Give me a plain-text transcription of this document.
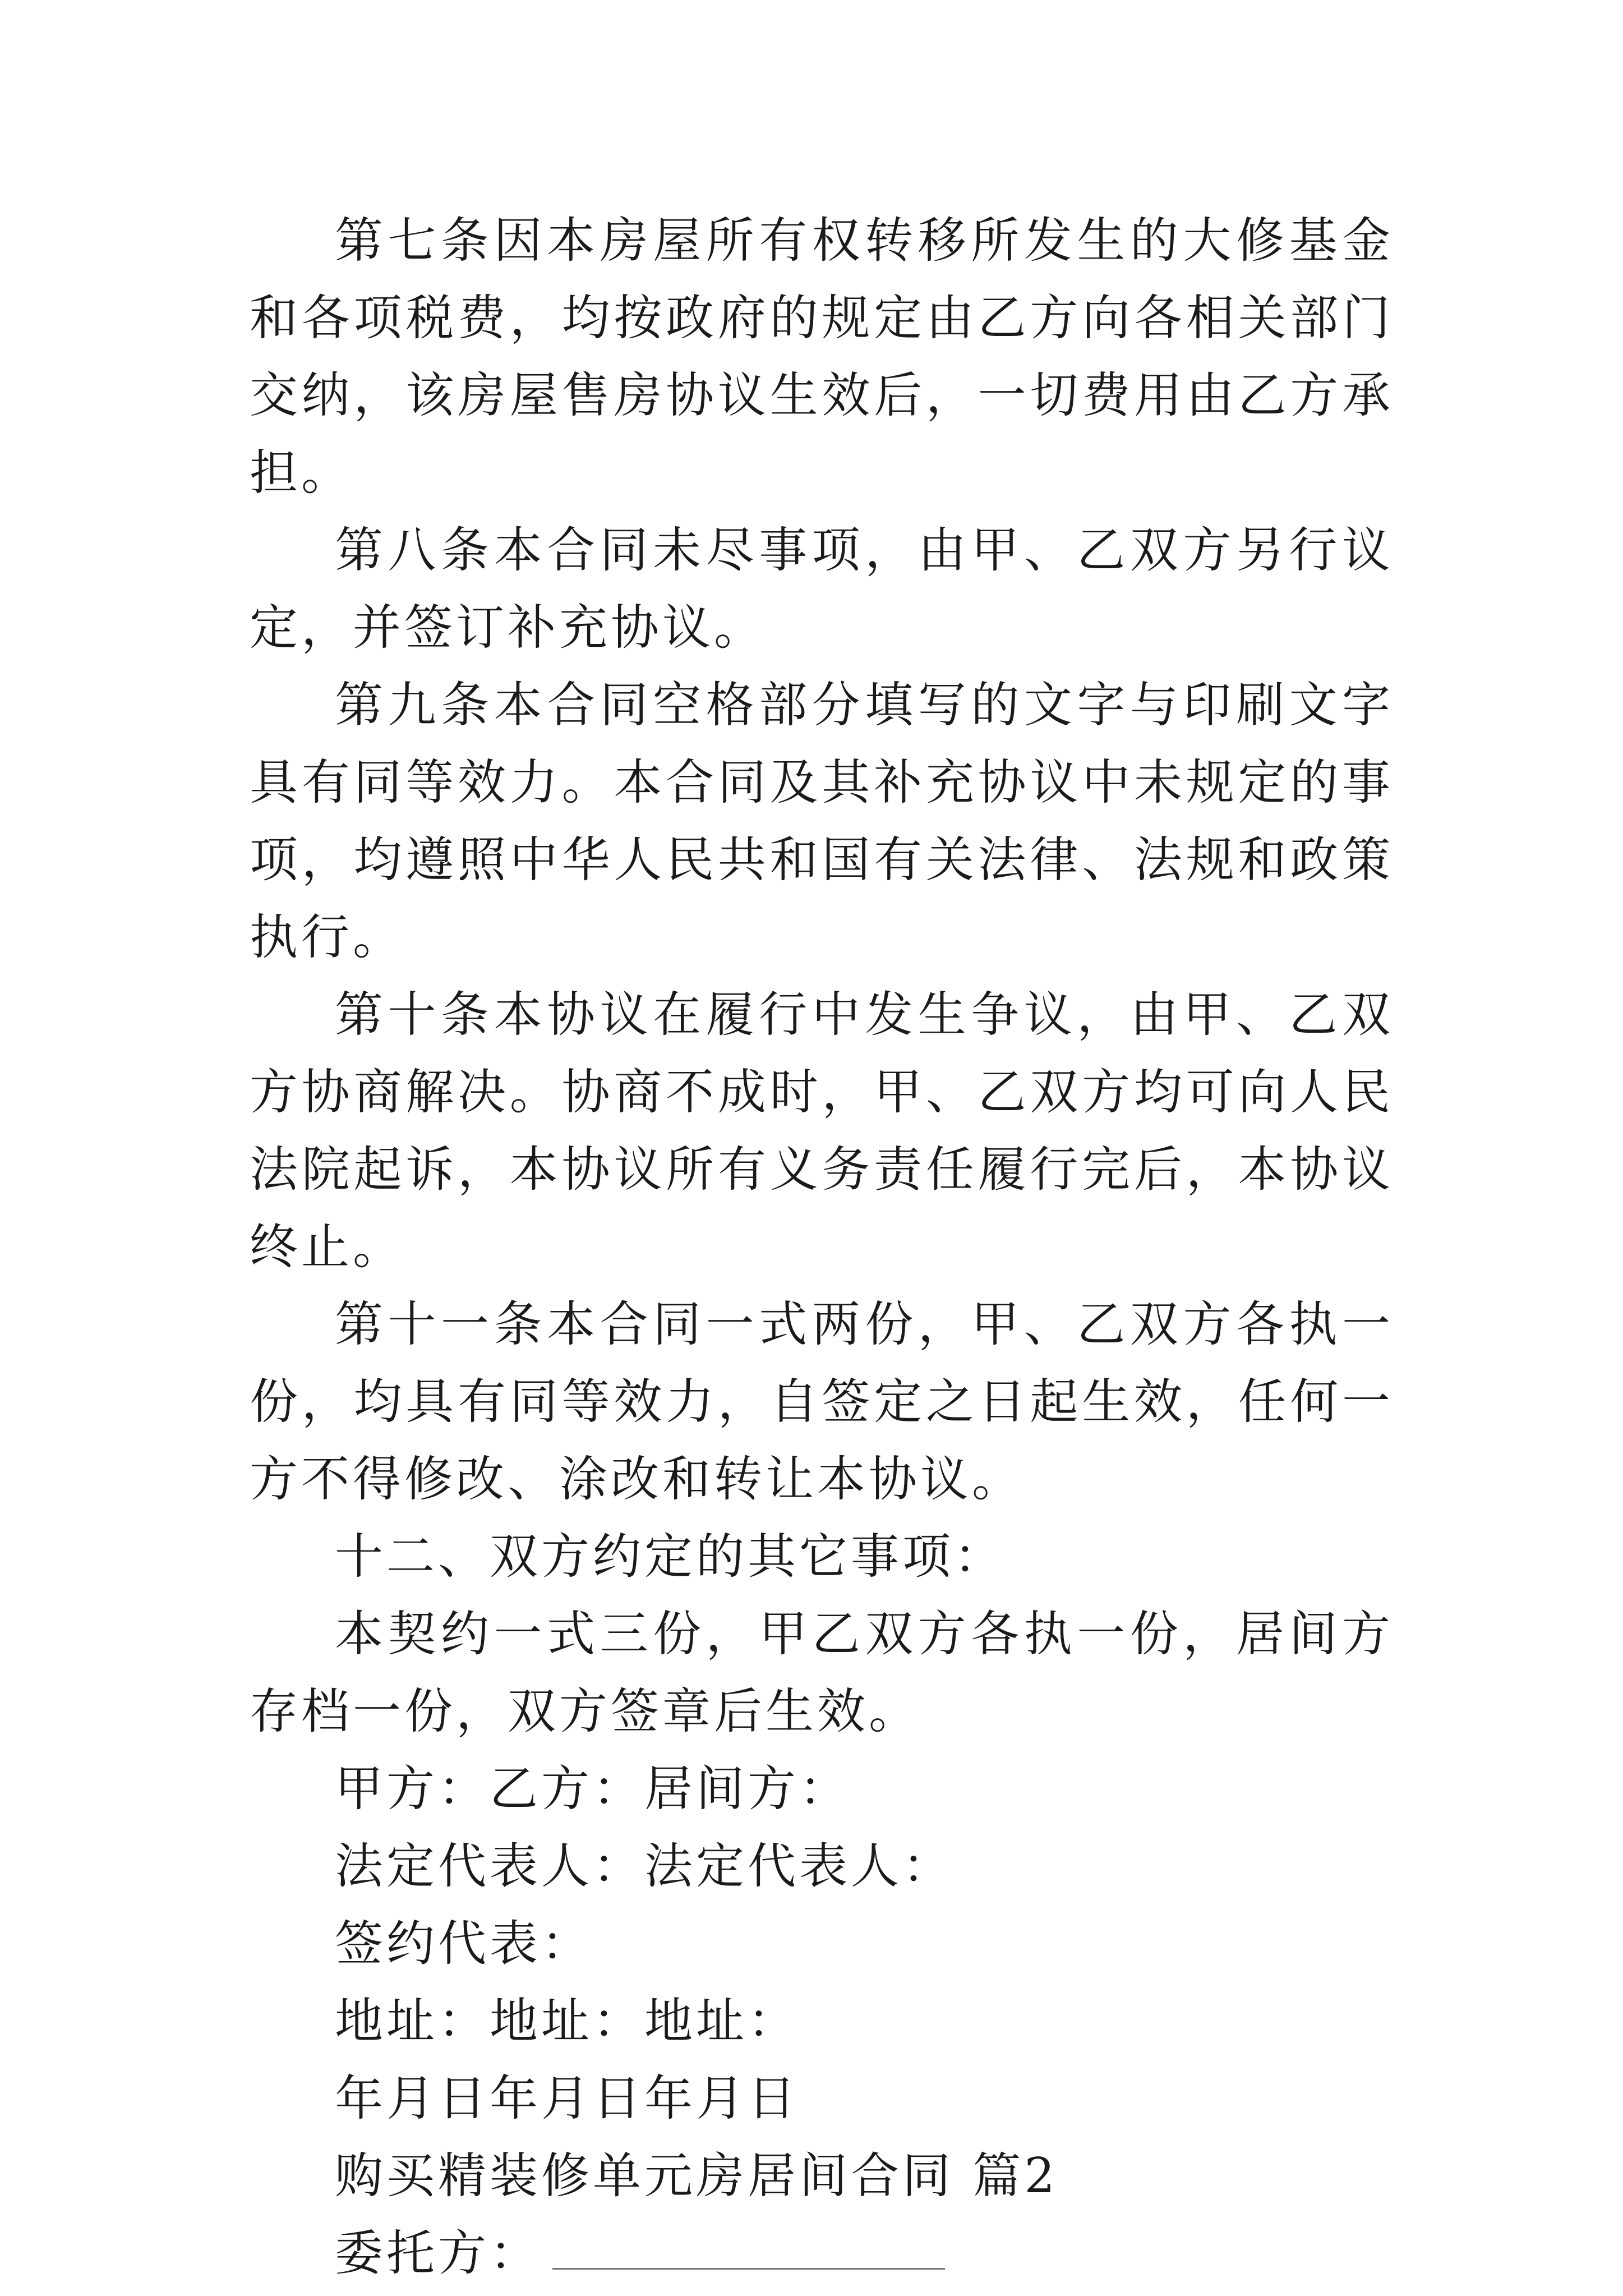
第七条因本房屋所有权转移所发生的大修基金和各项税费，均按政府的规定由乙方向各相关部门交纳，该房屋售房协议生效后，一切费用由乙方承担。

第八条本合同未尽事项，由甲、乙双方另行议定，并签订补充协议。

第九条本合同空格部分填写的文字与印刷文字具有同等效力。本合同及其补充协议中未规定的事项，均遵照中华人民共和国有关法律、法规和政策执行。

第十条本协议在履行中发生争议，由甲、乙双方协商解决。协商不成时，甲、乙双方均可向人民法院起诉，本协议所有义务责任履行完后，本协议终止。

第十一条本合同一式两份，甲、乙双方各执一份，均具有同等效力，自签定之日起生效，任何一方不得修改、涂改和转让本协议。

十二、双方约定的其它事项：

本契约一式三份，甲乙双方各执一份，居间方存档一份，双方签章后生效。

甲方：乙方：居间方：

法定代表人：法定代表人：

签约代表：

地址：地址：地址：

年月日年月日年月日

购买精装修单元房居间合同 篇2

委托方：
